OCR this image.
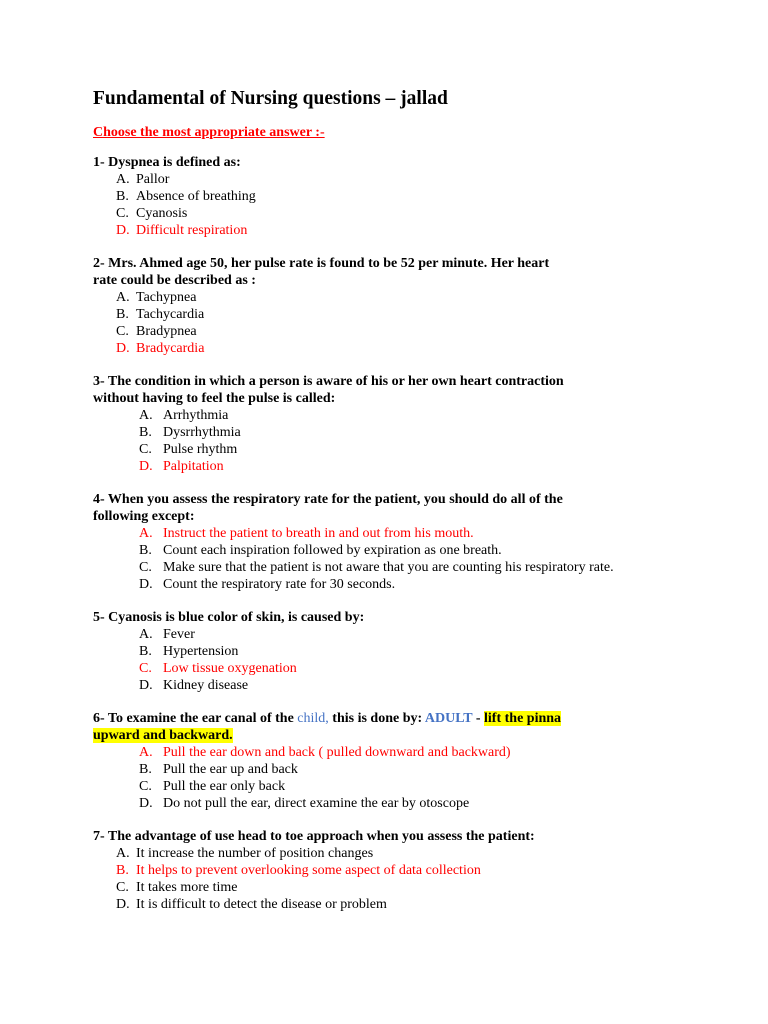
Fundamental of Nursing questions – jallad
Choose the most appropriate answer :-
1- Dyspnea is defined as:
A. Pallor
B. Absence of breathing
C. Cyanosis
D. Difficult respiration
2- Mrs. Ahmed age 50, her pulse rate is found to be 52 per minute. Her heart
rate could be described as :
A. Tachypnea
B. Tachycardia
C. Bradypnea
D. Bradycardia
3- The condition in which a person is aware of his or her own heart contraction
without having to feel the pulse is called:
A. Arrhythmia
B. Dysrrhythmia
C. Pulse rhythm
D. Palpitation
4- When you assess the respiratory rate for the patient, you should do all of the
following except:
A. Instruct the patient to breath in and out from his mouth.
B. Count each inspiration followed by expiration as one breath.
C. Make sure that the patient is not aware that you are counting his respiratory rate.
D. Count the respiratory rate for 30 seconds.
5- Cyanosis is blue color of skin, is caused by:
A. Fever
B. Hypertension
C. Low tissue oxygenation
D. Kidney disease
6- To examine the ear canal of the child, this is done by: ADULT - lift the pinna
upward and backward.
A. Pull the ear down and back ( pulled downward and backward)
B. Pull the ear up and back
C. Pull the ear only back
D. Do not pull the ear, direct examine the ear by otoscope
7- The advantage of use head to toe approach when you assess the patient:
A. It increase the number of position changes
B. It helps to prevent overlooking some aspect of data collection
C. It takes more time
D. It is difficult to detect the disease or problem
